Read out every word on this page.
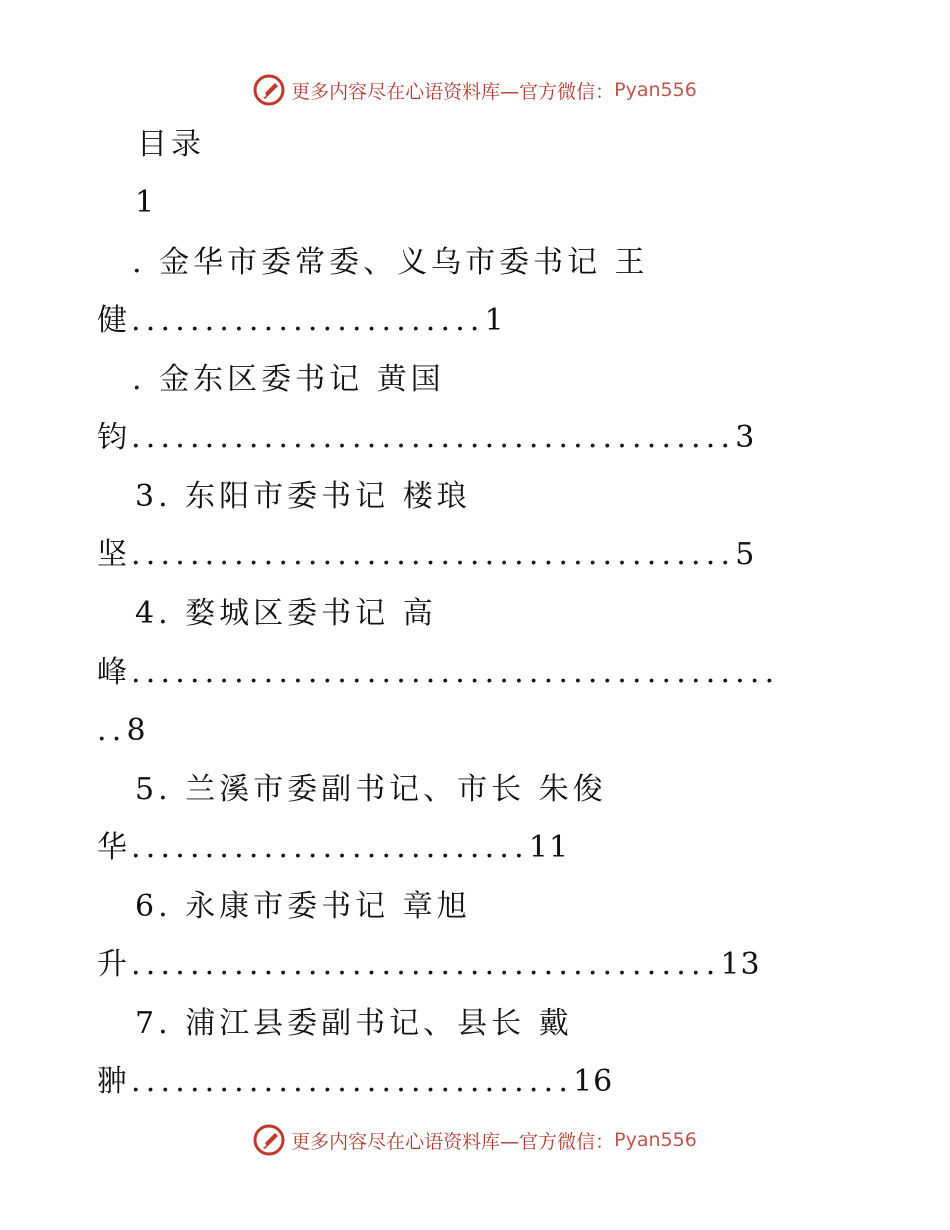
更多内容尽在心语资料库—官方微信： Pyan556
目录
1
. 金华市委常委、义乌市委书记 王
健........................1
. 金东区委书记 黄国
钧.........................................3
3. 东阳市委书记 楼琅
坚.........................................5
4. 婺城区委书记 高
峰............................................
..8
5. 兰溪市委副书记、市长 朱俊
华...........................11
6. 永康市委书记 章旭
升........................................13
7. 浦江县委副书记、县长 戴
翀..............................16
更多内容尽在心语资料库—官方微信： Pyan556
